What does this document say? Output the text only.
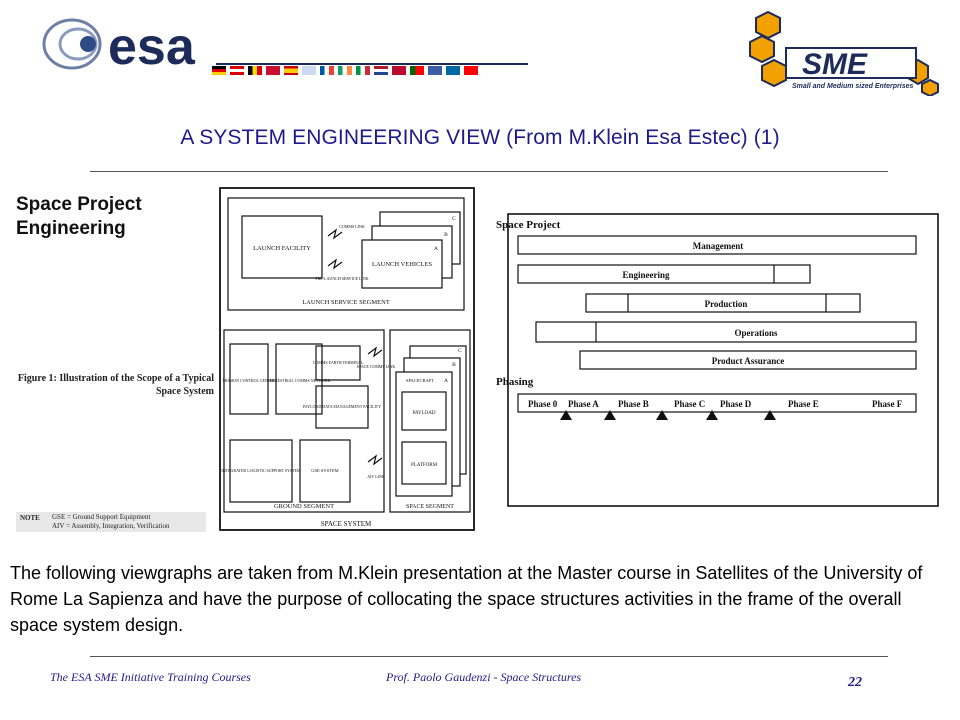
esa	SME
Small and Medium sized Enterprises
A SYSTEM ENGINEERING VIEW (From M.Klein Esa Estec) (1)
Space Project
Engineering
Figure 1: Illustration of the Scope of a Typical Space System
NOTE GSE = Ground Support Equipment
AIV = Assembly, Integration, Verification
LAUNCH FACILITY
LAUNCH VEHICLES
LAUNCH SERVICE SEGMENT
COMMS LINK
PRE-LAUNCH SERVICE LINK
C
B
A
MISSION CONTROL CENTRE
TERRESTRIAL COMMS NETWORK
COMMS EARTH TERMINAL
PAYLOAD DATA MANAGEMENT FACILITY
SPACE COMMS LINK
INTEGRATED LOGISTIC SUPPORT SYSTEM GSE SYSTEM
GROUND SEGMENT
AIV LINK
C
B
A
SPACECRAFT
PAYLOAD
PLATFORM
SPACE SEGMENT
SPACE SYSTEM
Space Project
Management
Engineering
Production
Operations
Product Assurance
Phasing
Phase 0 Phase A Phase B	Phase C Phase D	Phase E	Phase F
The following viewgraphs are taken from M.Klein presentation at the Master course in Satellites of the University of Rome La Sapienza and have the purpose of collocating the space structures activities in the frame of the overall space system design.
The ESA SME Initiative Training Courses	Prof. Paolo Gaudenzi - Space Structures	22
